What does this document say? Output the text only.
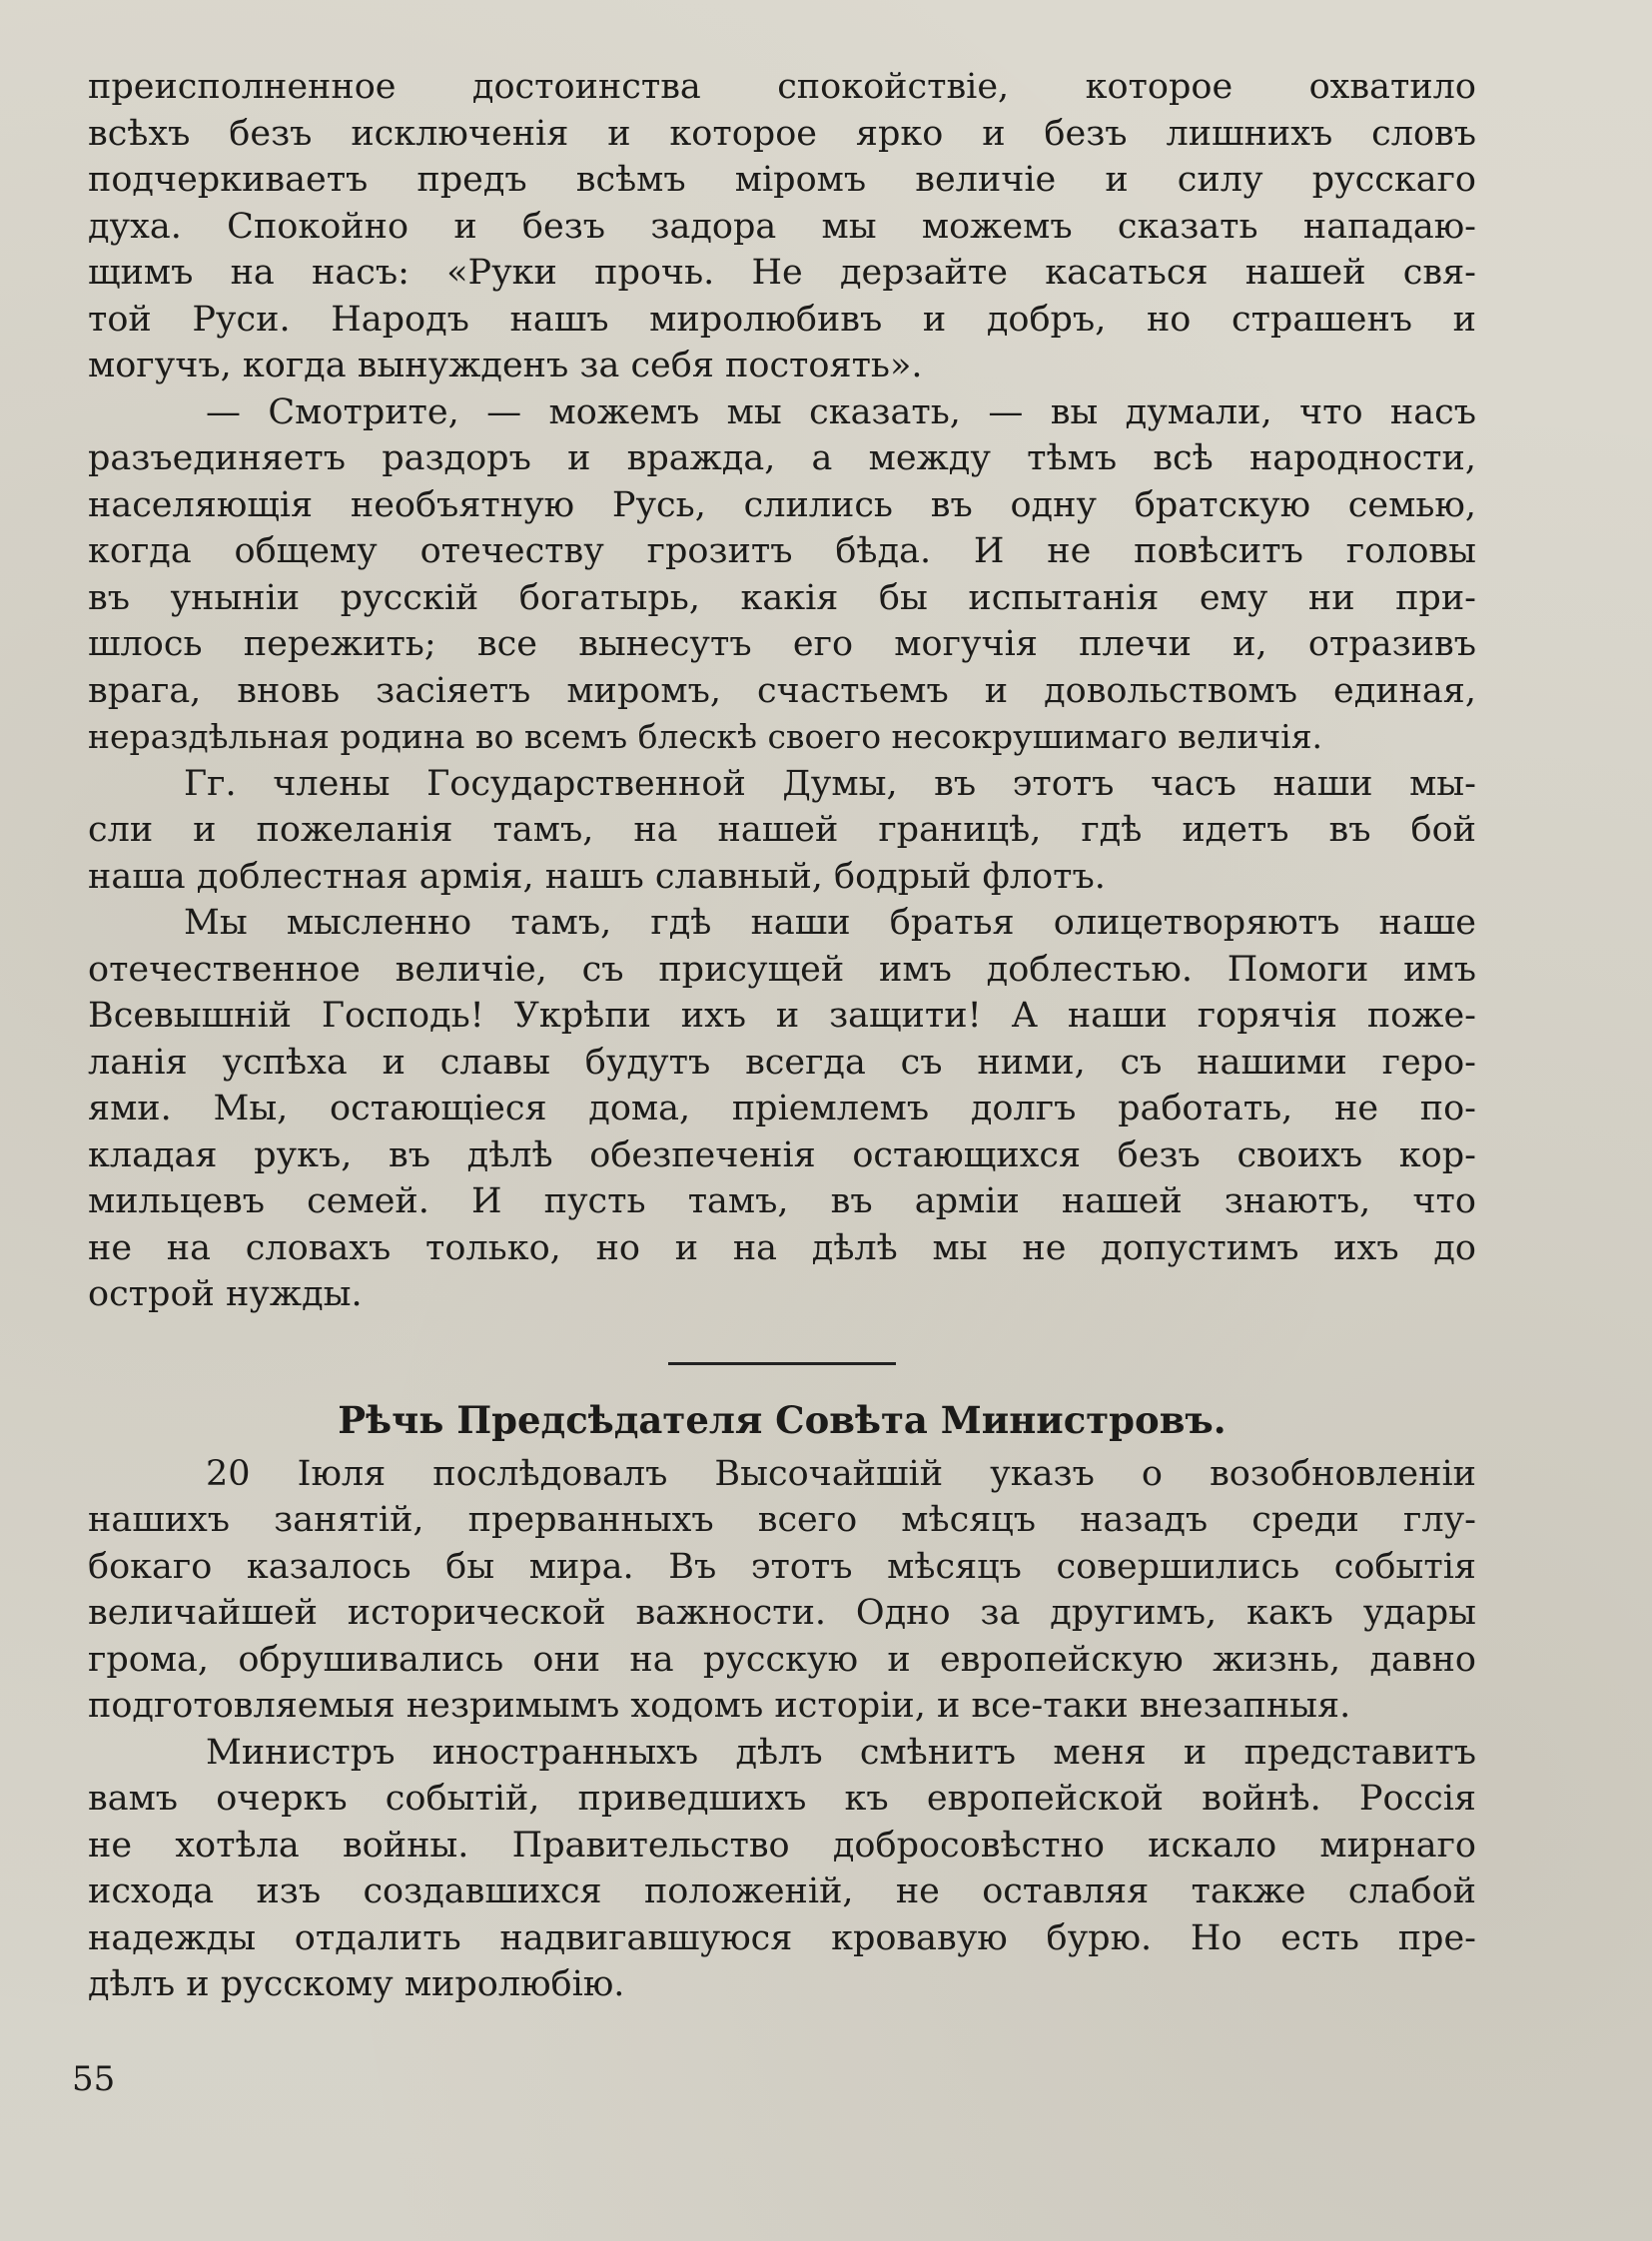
преисполненное достоинства спокойствіе, которое охватило
всѣхъ безъ исключенія и которое ярко и безъ лишнихъ словъ
подчеркиваетъ предъ всѣмъ міромъ величіе и силу русскаго
духа. Спокойно и безъ задора мы можемъ сказать нападаю-
щимъ на насъ: «Руки прочь. Не дерзайте касаться нашей свя-
той Руси. Народъ нашъ миролюбивъ и добръ, но страшенъ и
могучъ, когда вынужденъ за себя постоять».
— Смотрите, — можемъ мы сказать, — вы думали, что насъ
разъединяетъ раздоръ и вражда, а между тѣмъ всѣ народности,
населяющія необъятную Русь, слились въ одну братскую семью,
когда общему отечеству грозитъ бѣда. И не повѣситъ головы
въ уныніи русскій богатырь, какія бы испытанія ему ни при-
шлось пережить; все вынесутъ его могучія плечи и, отразивъ
врага, вновь засіяетъ миромъ, счастьемъ и довольствомъ единая,
нераздѣльная родина во всемъ блескѣ своего несокрушимаго величія.
Гг. члены Государственной Думы, въ этотъ часъ наши мы-
сли и пожеланія тамъ, на нашей границѣ, гдѣ идетъ въ бой
наша доблестная армія, нашъ славный, бодрый флотъ.
Мы мысленно тамъ, гдѣ наши братья олицетворяютъ наше
отечественное величіе, съ присущей имъ доблестью. Помоги имъ
Всевышній Господь! Укрѣпи ихъ и защити! А наши горячія поже-
ланія успѣха и славы будутъ всегда съ ними, съ нашими геро-
ями. Мы, остающіеся дома, пріемлемъ долгъ работать, не по-
кладая рукъ, въ дѣлѣ обезпеченія остающихся безъ своихъ кор-
мильцевъ семей. И пусть тамъ, въ арміи нашей знаютъ, что
не на словахъ только, но и на дѣлѣ мы не допустимъ ихъ до
острой нужды.
Рѣчь Предсѣдателя Совѣта Министровъ.
20 Іюля послѣдовалъ Высочайшій указъ о возобновленіи
нашихъ занятій, прерванныхъ всего мѣсяцъ назадъ среди глу-
бокаго казалось бы мира. Въ этотъ мѣсяцъ совершились событія
величайшей исторической важности. Одно за другимъ, какъ удары
грома, обрушивались они на русскую и европейскую жизнь, давно
подготовляемыя незримымъ ходомъ исторіи, и все-таки внезапныя.
Министръ иностранныхъ дѣлъ смѣнитъ меня и представитъ
вамъ очеркъ событій, приведшихъ къ европейской войнѣ. Россія
не хотѣла войны. Правительство добросовѣстно искало мирнаго
исхода изъ создавшихся положеній, не оставляя также слабой
надежды отдалить надвигавшуюся кровавую бурю. Но есть пре-
дѣлъ и русскому миролюбію.
55
